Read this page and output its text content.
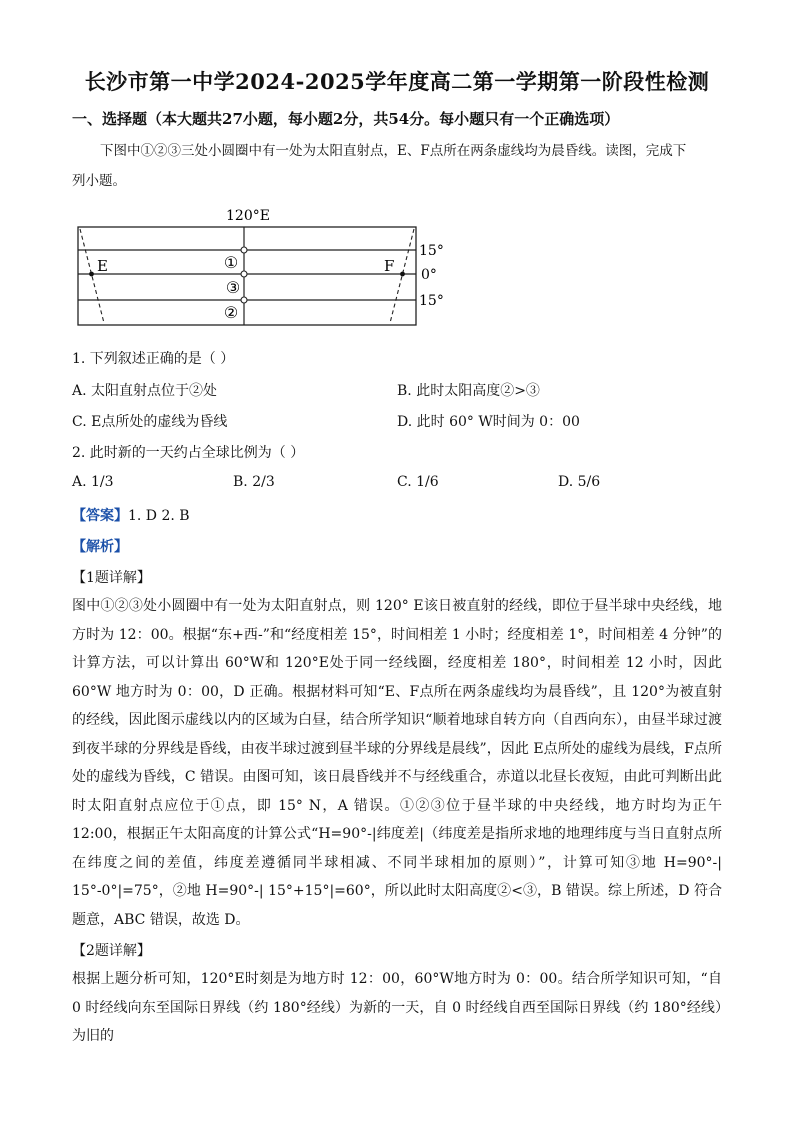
长沙市第一中学2024-2025学年度高二第一学期第一阶段性检测
一、选择题（本大题共27小题，每小题2分，共54分。每小题只有一个正确选项）
下图中①②③三处小圆圈中有一处为太阳直射点，E、F点所在两条虚线均为晨昏线。读图，完成下
列小题。
120°E
15°
0°
15°
E	F
①
③
②
1. 下列叙述正确的是（ ）
A. 太阳直射点位于②处	B. 此时太阳高度②>③
C. E点所处的虚线为昏线	D. 此时 60° W时间为 0：00
2. 此时新的一天约占全球比例为（ ）
A. 1/3	B. 2/3	C. 1/6	D. 5/6
【答案】1. D 2. B
【解析】
【1题详解】
图中①②③处小圆圈中有一处为太阳直射点，则 120° E该日被直射的经线，即位于昼半球中央经线，地方时为 12：00。根据“东+西-”和“经度相差 15°，时间相差 1 小时；经度相差 1°，时间相差 4 分钟”的计算方法，可以计算出 60°W和 120°E处于同一经线圈，经度相差 180°，时间相差 12 小时，因此 60°W 地方时为 0：00，D 正确。根据材料可知“E、F点所在两条虚线均为晨昏线”，且 120°为被直射的经线，因此图示虚线以内的区域为白昼，结合所学知识“顺着地球自转方向（自西向东），由昼半球过渡到夜半球的分界线是昏线，由夜半球过渡到昼半球的分界线是晨线”，因此 E点所处的虚线为晨线，F点所处的虚线为昏线，C 错误。由图可知，该日晨昏线并不与经线重合，赤道以北昼长夜短，由此可判断出此时太阳直射点应位于①点，即 15° N，A 错误。①②③位于昼半球的中央经线，地方时均为正午 12:00，根据正午太阳高度的计算公式“H=90°-|纬度差|（纬度差是指所求地的地理纬度与当日直射点所在纬度之间的差值，纬度差遵循同半球相减、不同半球相加的原则）”，计算可知③地 H=90°-| 15°-0°|=75°，②地 H=90°-| 15°+15°|=60°，所以此时太阳高度②<③，B 错误。综上所述，D 符合题意，ABC 错误，故选 D。
【2题详解】
根据上题分析可知，120°E时刻是为地方时 12：00，60°W地方时为 0：00。结合所学知识可知，“自 0 时经线向东至国际日界线（约 180°经线）为新的一天，自 0 时经线自西至国际日界线（约 180°经线）为旧的
